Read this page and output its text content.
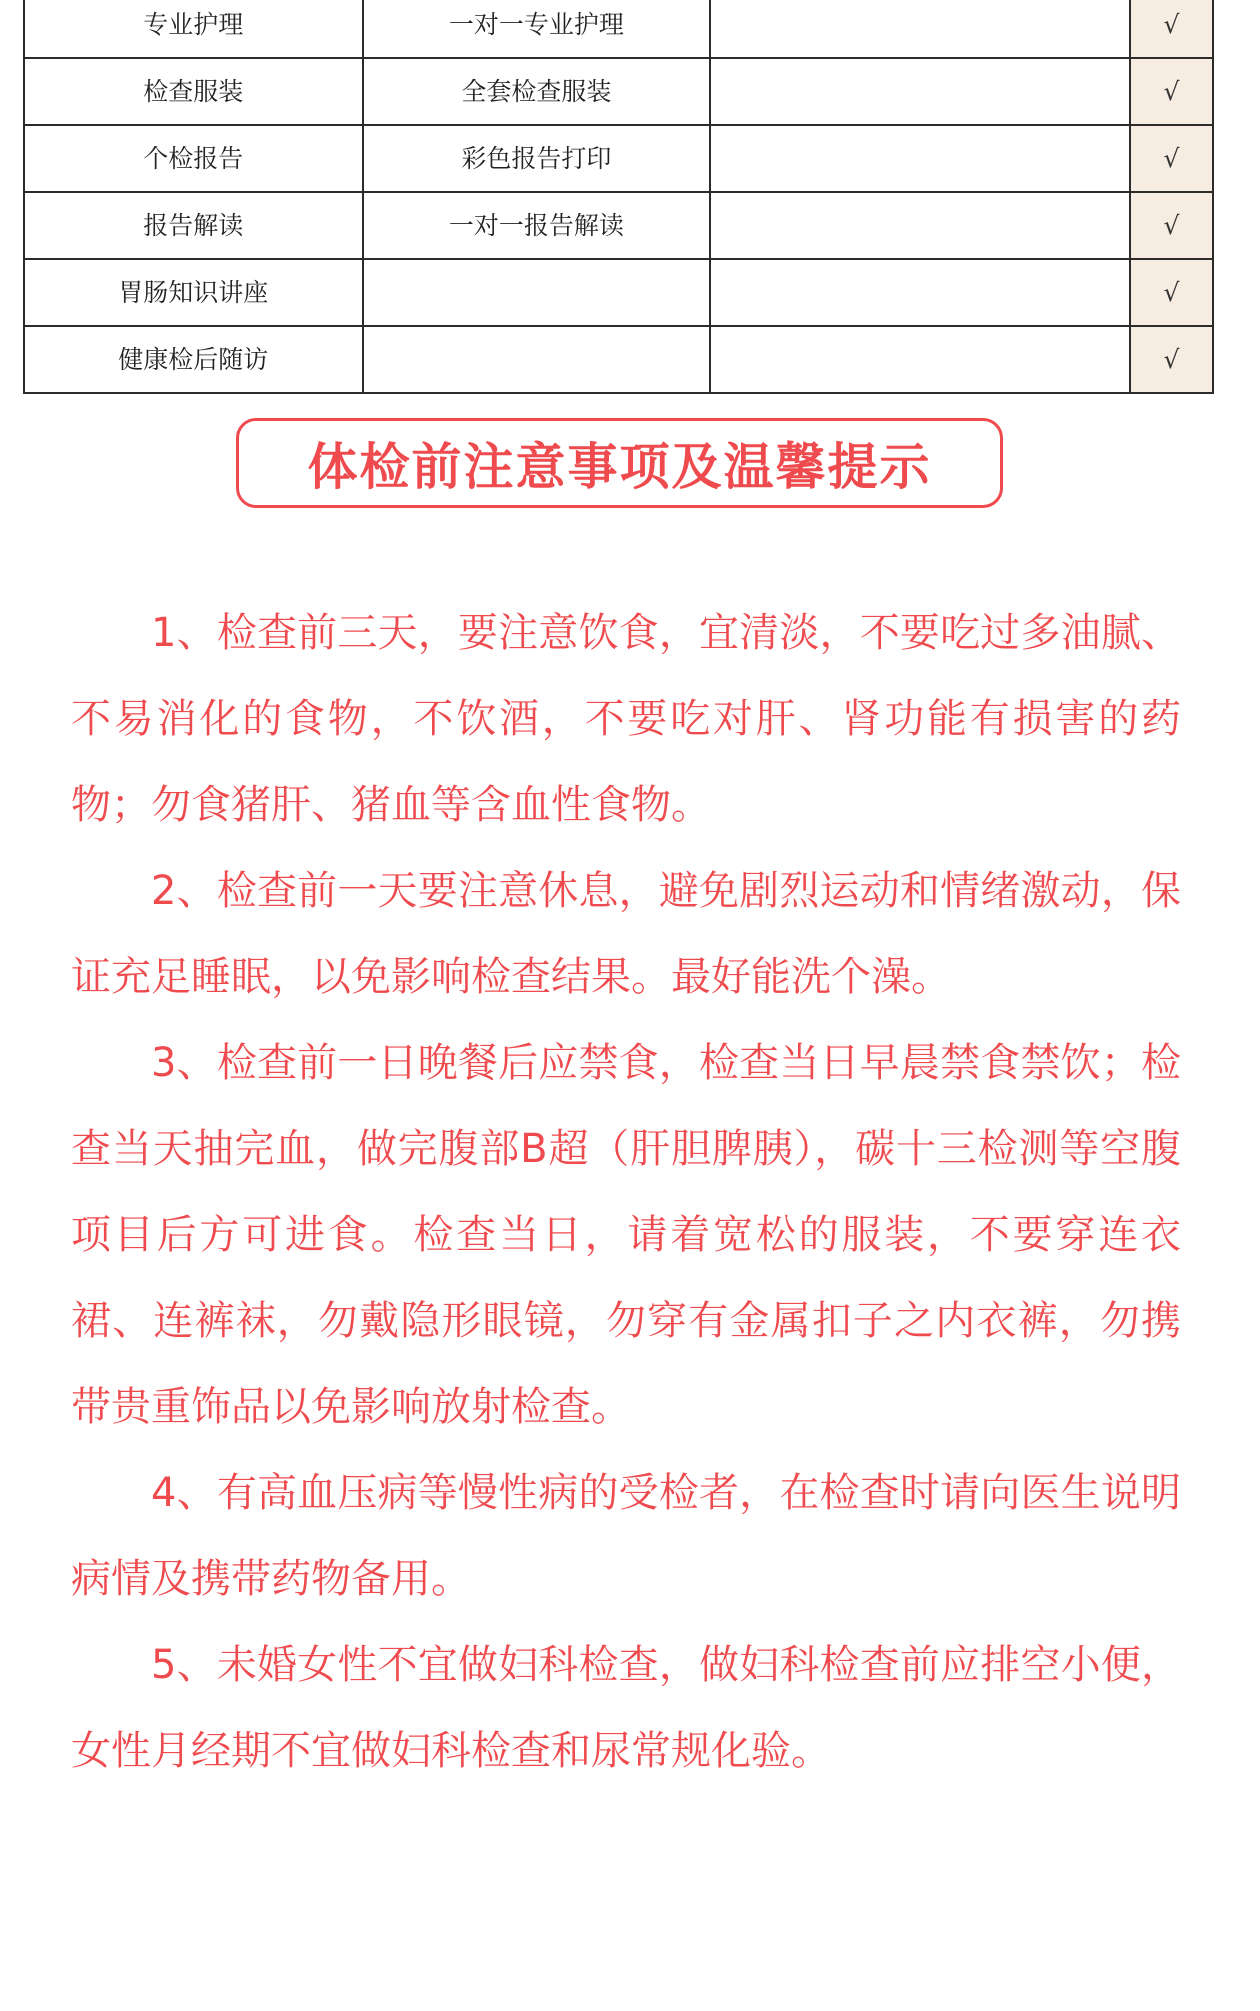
专业护理	一对一专业护理		√
检查服装	全套检查服装		√
个检报告	彩色报告打印		√
报告解读	一对一报告解读		√
胃肠知识讲座			√
健康检后随访			√
体检前注意事项及温馨提示

1、检查前三天，要注意饮食，宜清淡，不要吃过多油腻、不易消化的食物，不饮酒，不要吃对肝、肾功能有损害的药物；勿食猪肝、猪血等含血性食物。

2、检查前一天要注意休息，避免剧烈运动和情绪激动，保证充足睡眠，以免影响检查结果。最好能洗个澡。

3、检查前一日晚餐后应禁食，检查当日早晨禁食禁饮；检查当天抽完血，做完腹部B超（肝胆脾胰），碳十三检测等空腹项目后方可进食。检查当日，请着宽松的服装，不要穿连衣裙、连裤袜，勿戴隐形眼镜，勿穿有金属扣子之内衣裤，勿携带贵重饰品以免影响放射检查。

4、有高血压病等慢性病的受检者，在检查时请向医生说明病情及携带药物备用。

5、未婚女性不宜做妇科检查，做妇科检查前应排空小便，女性月经期不宜做妇科检查和尿常规化验。
